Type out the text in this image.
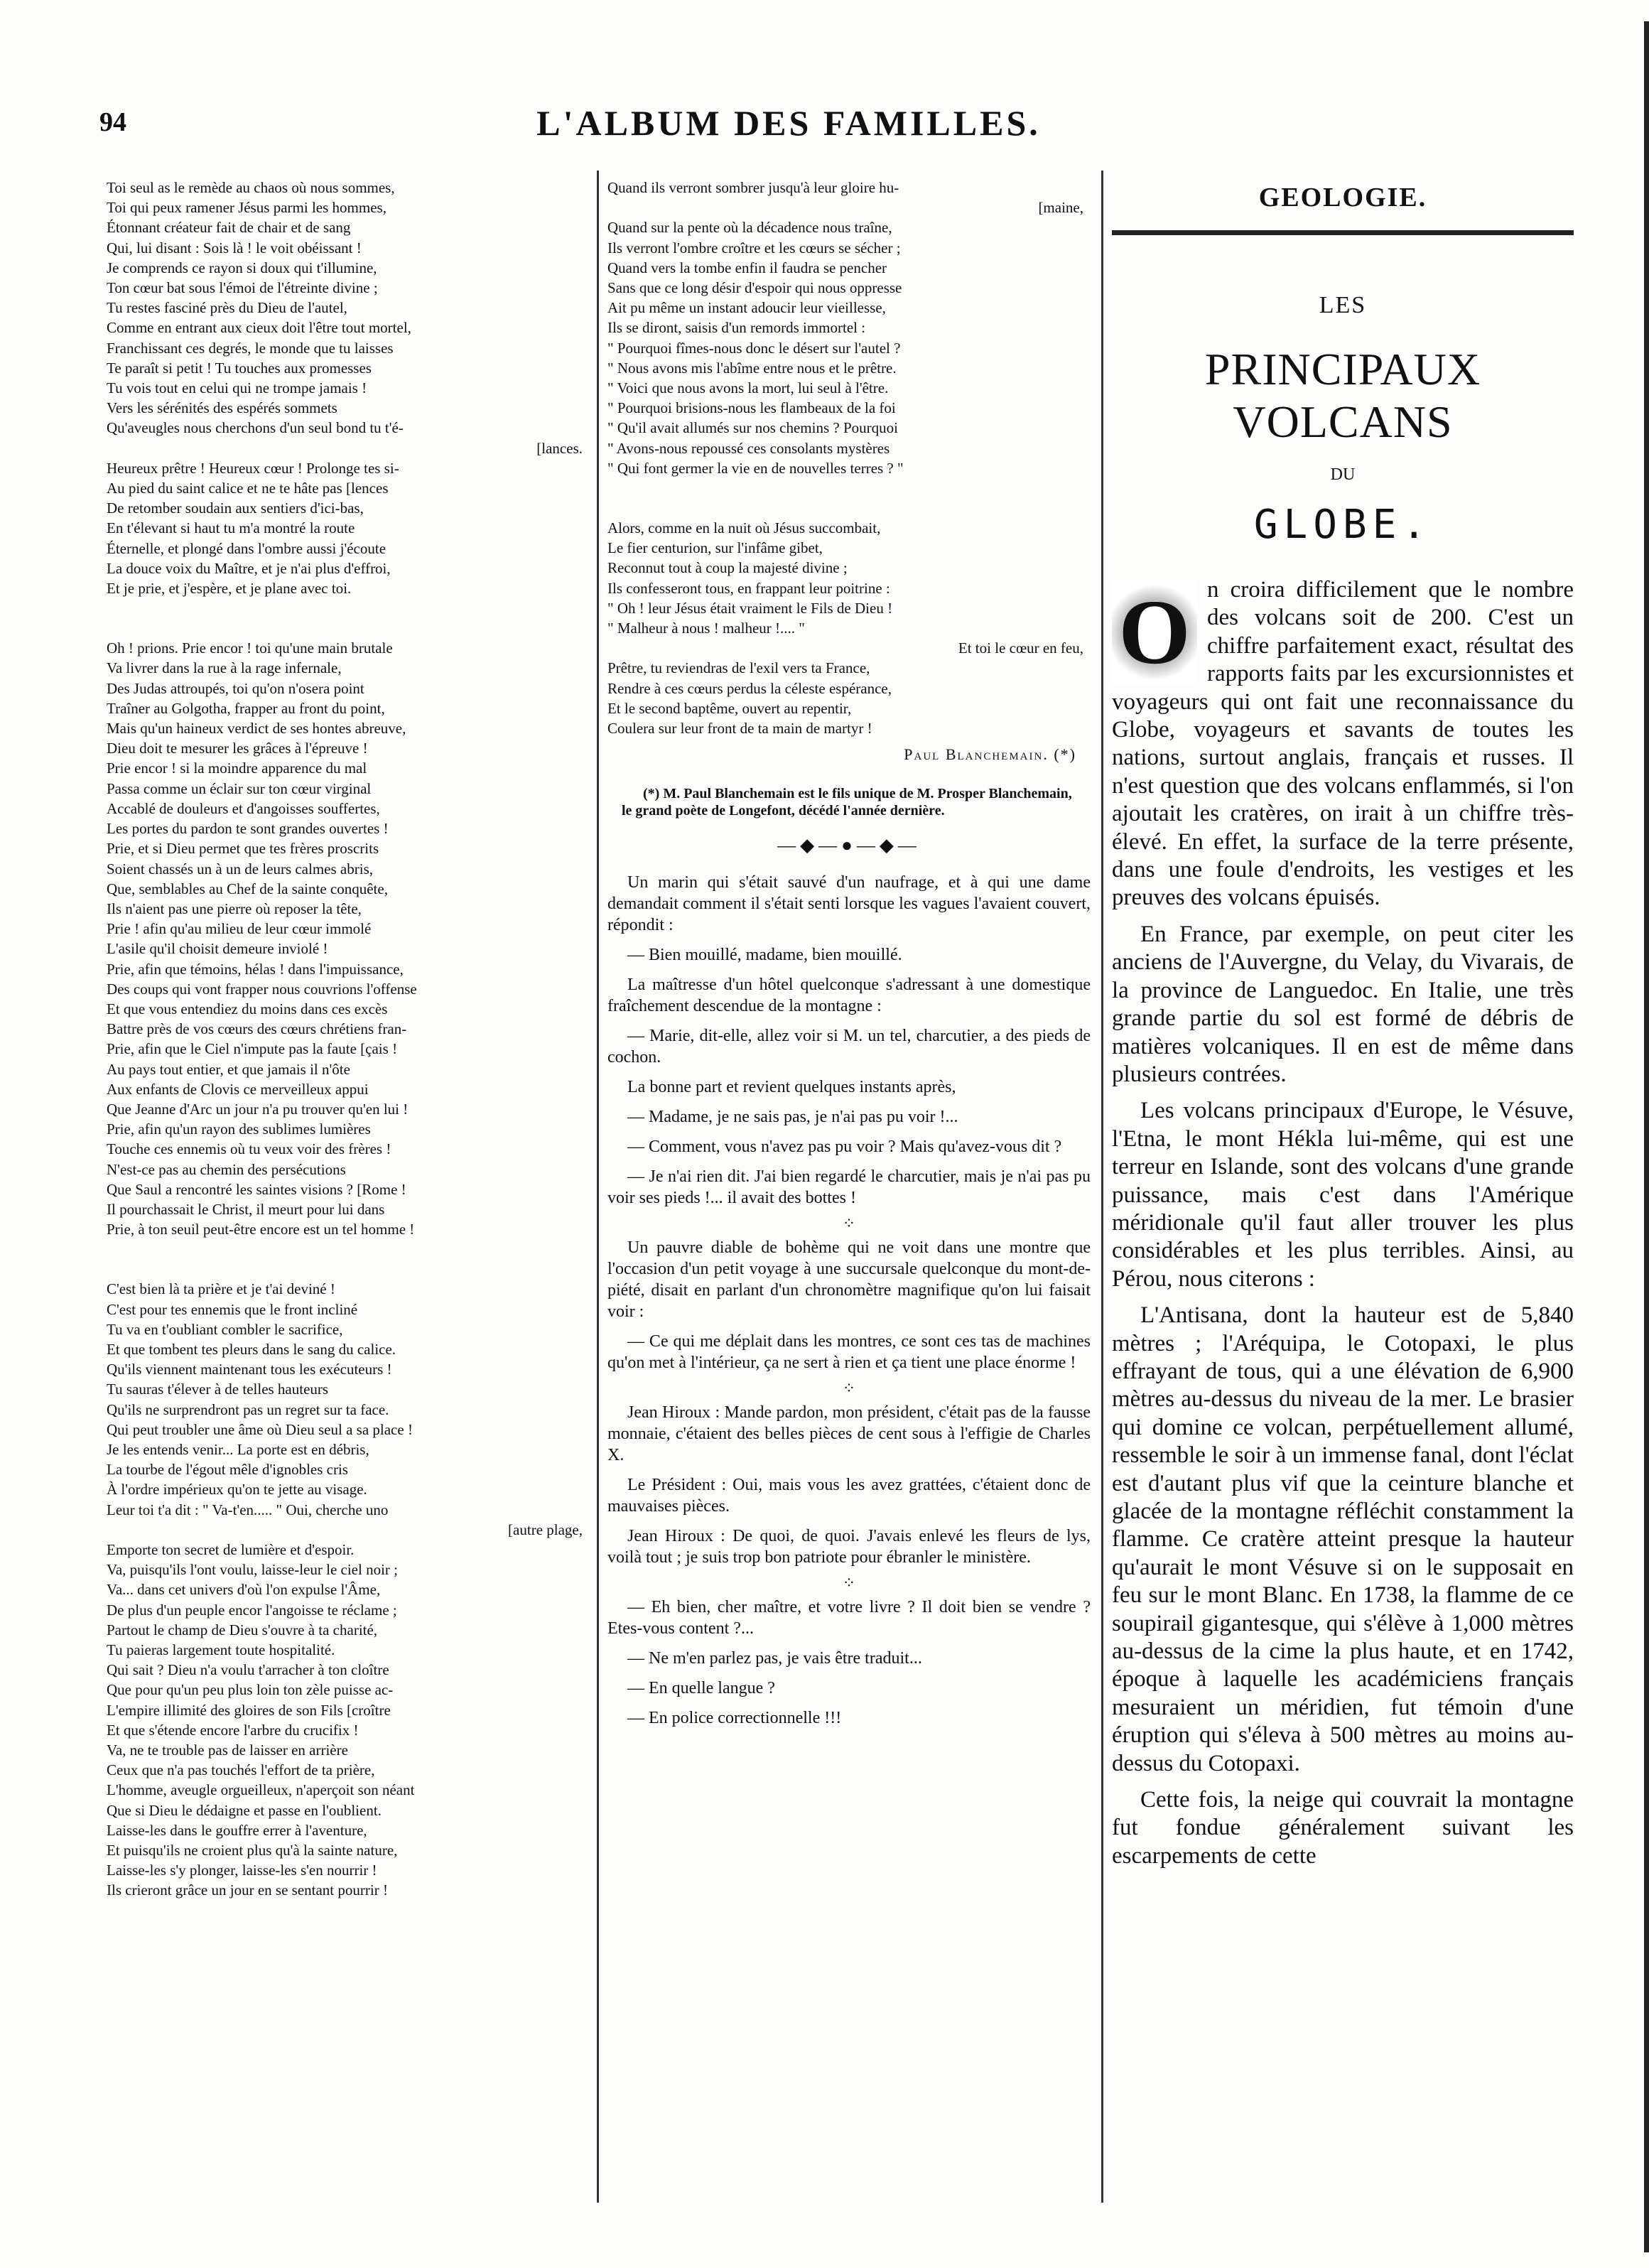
94	L'ALBUM DES FAMILLES.
Toi seul as le remède au chaos où nous sommes,
Toi qui peux ramener Jésus parmi les hommes,
Étonnant créateur fait de chair et de sang
Qui, lui disant : Sois là ! le voit obéissant !
Je comprends ce rayon si doux qui t'illumine,
Ton cœur bat sous l'émoi de l'étreinte divine ;
Tu restes fasciné près du Dieu de l'autel,
Comme en entrant aux cieux doit l'être tout mortel,
Franchissant ces degrés, le monde que tu laisses
Te paraît si petit ! Tu touches aux promesses
Tu vois tout en celui qui ne trompe jamais !
Vers les sérénités des espérés sommets
Qu'aveugles nous cherchons d'un seul bond tu t'é-
[lances.
Heureux prêtre ! Heureux cœur ! Prolonge tes si-
Au pied du saint calice et ne te hâte pas [lences
De retomber soudain aux sentiers d'ici-bas,
En t'élevant si haut tu m'a montré la route
Éternelle, et plongé dans l'ombre aussi j'écoute
La douce voix du Maître, et je n'ai plus d'effroi,
Et je prie, et j'espère, et je plane avec toi.
Oh ! prions. Prie encor ! toi qu'une main brutale
Va livrer dans la rue à la rage infernale,
Des Judas attroupés, toi qu'on n'osera point
Traîner au Golgotha, frapper au front du point,
Mais qu'un haineux verdict de ses hontes abreuve,
Dieu doit te mesurer les grâces à l'épreuve !
Prie encor ! si la moindre apparence du mal
Passa comme un éclair sur ton cœur virginal
Accablé de douleurs et d'angoisses souffertes,
Les portes du pardon te sont grandes ouvertes !
Prie, et si Dieu permet que tes frères proscrits
Soient chassés un à un de leurs calmes abris,
Que, semblables au Chef de la sainte conquête,
Ils n'aient pas une pierre où reposer la tête,
Prie ! afin qu'au milieu de leur cœur immolé
L'asile qu'il choisit demeure inviolé !
Prie, afin que témoins, hélas ! dans l'impuissance,
Des coups qui vont frapper nous couvrions l'offense
Et que vous entendiez du moins dans ces excès
Battre près de vos cœurs des cœurs chrétiens fran-
Prie, afin que le Ciel n'impute pas la faute [çais !
Au pays tout entier, et que jamais il n'ôte
Aux enfants de Clovis ce merveilleux appui
Que Jeanne d'Arc un jour n'a pu trouver qu'en lui !
Prie, afin qu'un rayon des sublimes lumières
Touche ces ennemis où tu veux voir des frères !
N'est-ce pas au chemin des persécutions
Que Saul a rencontré les saintes visions ? [Rome !
Il pourchassait le Christ, il meurt pour lui dans
Prie, à ton seuil peut-être encore est un tel homme !
C'est bien là ta prière et je t'ai deviné !
C'est pour tes ennemis que le front incliné
Tu va en t'oubliant combler le sacrifice,
Et que tombent tes pleurs dans le sang du calice.
Qu'ils viennent maintenant tous les exécuteurs !
Tu sauras t'élever à de telles hauteurs
Qu'ils ne surprendront pas un regret sur ta face.
Qui peut troubler une âme où Dieu seul a sa place !
Je les entends venir... La porte est en débris,
La tourbe de l'égout mêle d'ignobles cris
À l'ordre impérieux qu'on te jette au visage.
Leur toi t'a dit : " Va-t'en..... " Oui, cherche uno
[autre plage,
Emporte ton secret de lumière et d'espoir.
Va, puisqu'ils l'ont voulu, laisse-leur le ciel noir ;
Va... dans cet univers d'où l'on expulse l'Âme,
De plus d'un peuple encor l'angoisse te réclame ;
Partout le champ de Dieu s'ouvre à ta charité,
Tu paieras largement toute hospitalité.
Qui sait ? Dieu n'a voulu t'arracher à ton cloître
Que pour qu'un peu plus loin ton zèle puisse ac-
L'empire illimité des gloires de son Fils [croître
Et que s'étende encore l'arbre du crucifix !
Va, ne te trouble pas de laisser en arrière
Ceux que n'a pas touchés l'effort de ta prière,
L'homme, aveugle orgueilleux, n'aperçoit son néant
Que si Dieu le dédaigne et passe en l'oublient.
Laisse-les dans le gouffre errer à l'aventure,
Et puisqu'ils ne croient plus qu'à la sainte nature,
Laisse-les s'y plonger, laisse-les s'en nourrir !
Ils crieront grâce un jour en se sentant pourrir !
Quand ils verront sombrer jusqu'à leur gloire hu-
[maine,
Quand sur la pente où la décadence nous traîne,
Ils verront l'ombre croître et les cœurs se sécher ;
Quand vers la tombe enfin il faudra se pencher
Sans que ce long désir d'espoir qui nous oppresse
Ait pu même un instant adoucir leur vieillesse,
Ils se diront, saisis d'un remords immortel :
" Pourquoi fîmes-nous donc le désert sur l'autel ?
" Nous avons mis l'abîme entre nous et le prêtre.
" Voici que nous avons la mort, lui seul à l'être.
" Pourquoi brisions-nous les flambeaux de la foi
" Qu'il avait allumés sur nos chemins ? Pourquoi
" Avons-nous repoussé ces consolants mystères
" Qui font germer la vie en de nouvelles terres ? "
Alors, comme en la nuit où Jésus succombait,
Le fier centurion, sur l'infâme gibet,
Reconnut tout à coup la majesté divine ;
Ils confesseront tous, en frappant leur poitrine :
" Oh ! leur Jésus était vraiment le Fils de Dieu !
" Malheur à nous ! malheur !.... "
Et toi le cœur en feu,
Prêtre, tu reviendras de l'exil vers ta France,
Rendre à ces cœurs perdus la céleste espérance,
Et le second baptême, ouvert au repentir,
Coulera sur leur front de ta main de martyr !
Paul Blanchemain. (*)
(*) M. Paul Blanchemain est le fils unique de M. Prosper Blanchemain, le grand poète de Longefont, décédé l'année dernière.
—◆—●—◆—

Un marin qui s'était sauvé d'un naufrage, et à qui une dame demandait comment il s'était senti lorsque les vagues l'avaient couvert, répondit :

— Bien mouillé, madame, bien mouillé.

La maîtresse d'un hôtel quelconque s'adressant à une domestique fraîchement descendue de la montagne :

— Marie, dit-elle, allez voir si M. un tel, charcutier, a des pieds de cochon.

La bonne part et revient quelques instants après,

— Madame, je ne sais pas, je n'ai pas pu voir !...

— Comment, vous n'avez pas pu voir ? Mais qu'avez-vous dit ?

— Je n'ai rien dit. J'ai bien regardé le charcutier, mais je n'ai pas pu voir ses pieds !... il avait des bottes !

⁘

Un pauvre diable de bohème qui ne voit dans une montre que l'occasion d'un petit voyage à une succursale quelconque du mont-de-piété, disait en parlant d'un chronomètre magnifique qu'on lui faisait voir :

— Ce qui me déplait dans les montres, ce sont ces tas de machines qu'on met à l'intérieur, ça ne sert à rien et ça tient une place énorme !

⁘

Jean Hiroux : Mande pardon, mon président, c'était pas de la fausse monnaie, c'étaient des belles pièces de cent sous à l'effigie de Charles X.

Le Président : Oui, mais vous les avez grattées, c'étaient donc de mauvaises pièces.

Jean Hiroux : De quoi, de quoi. J'avais enlevé les fleurs de lys, voilà tout ; je suis trop bon patriote pour ébranler le ministère.

⁘

— Eh bien, cher maître, et votre livre ? Il doit bien se vendre ? Etes-vous content ?...

— Ne m'en parlez pas, je vais être traduit...

— En quelle langue ?

— En police correctionnelle !!!

GEOLOGIE.
LES
PRINCIPAUX VOLCANS
DU
GLOBE.

O n croira difficilement que le nombre des volcans soit de 200. C'est un chiffre parfaitement exact, résultat des rapports faits par les excursionnistes et voyageurs qui ont fait une reconnaissance du Globe, voyageurs et savants de toutes les nations, surtout anglais, français et russes. Il n'est question que des volcans enflammés, si l'on ajoutait les cratères, on irait à un chiffre très-élevé. En effet, la surface de la terre présente, dans une foule d'endroits, les vestiges et les preuves des volcans épuisés.

En France, par exemple, on peut citer les anciens de l'Auvergne, du Velay, du Vivarais, de la province de Languedoc. En Italie, une très grande partie du sol est formé de débris de matières volcaniques. Il en est de même dans plusieurs contrées.

Les volcans principaux d'Europe, le Vésuve, l'Etna, le mont Hékla lui-même, qui est une terreur en Islande, sont des volcans d'une grande puissance, mais c'est dans l'Amérique méridionale qu'il faut aller trouver les plus considérables et les plus terribles. Ainsi, au Pérou, nous citerons :

L'Antisana, dont la hauteur est de 5,840 mètres ; l'Aréquipa, le Cotopaxi, le plus effrayant de tous, qui a une élévation de 6,900 mètres au-dessus du niveau de la mer. Le brasier qui domine ce volcan, perpétuellement allumé, ressemble le soir à un immense fanal, dont l'éclat est d'autant plus vif que la ceinture blanche et glacée de la montagne réfléchit constamment la flamme. Ce cratère atteint presque la hauteur qu'aurait le mont Vésuve si on le supposait en feu sur le mont Blanc. En 1738, la flamme de ce soupirail gigantesque, qui s'élève à 1,000 mètres au-dessus de la cime la plus haute, et en 1742, époque à laquelle les académiciens français mesuraient un méridien, fut témoin d'une éruption qui s'éleva à 500 mètres au moins au-dessus du Cotopaxi.

Cette fois, la neige qui couvrait la montagne fut fondue généralement suivant les escarpements de cette
